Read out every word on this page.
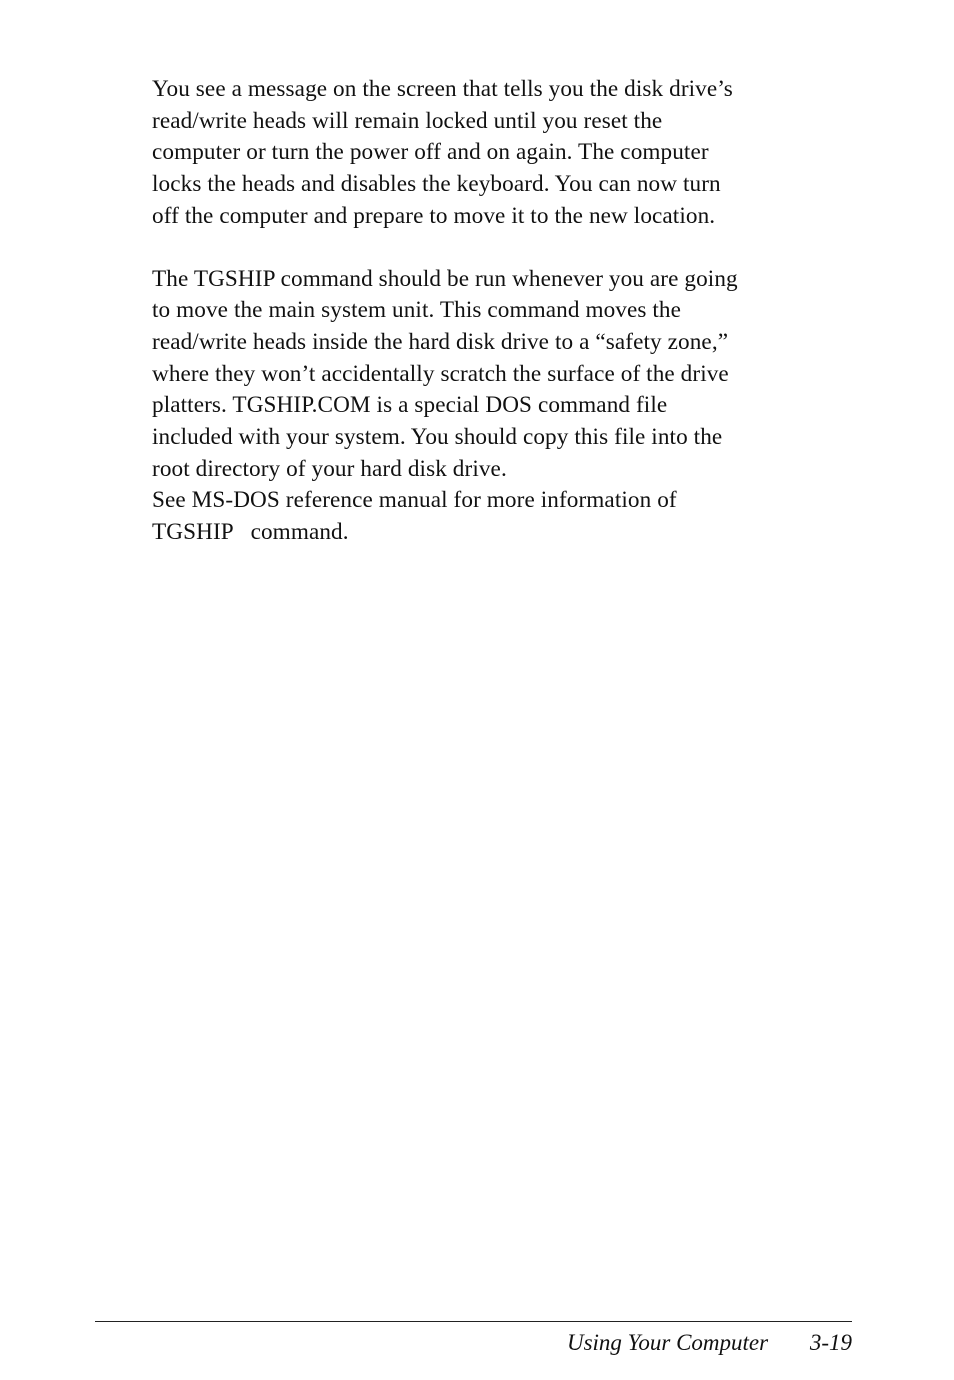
You see a message on the screen that tells you the disk drive’s
read/write heads will remain locked until you reset the
computer or turn the power off and on again. The computer
locks the heads and disables the keyboard. You can now turn
off the computer and prepare to move it to the new location.

The TGSHIP command should be run whenever you are going
to move the main system unit. This command moves the
read/write heads inside the hard disk drive to a “safety zone,”
where they won’t accidentally scratch the surface of the drive
platters. TGSHIP.COM is a special DOS command file
included with your system. You should copy this file into the
root directory of your hard disk drive.

See MS-DOS reference manual for more information of
TGSHIP   command.

Using Your Computer 3-19
